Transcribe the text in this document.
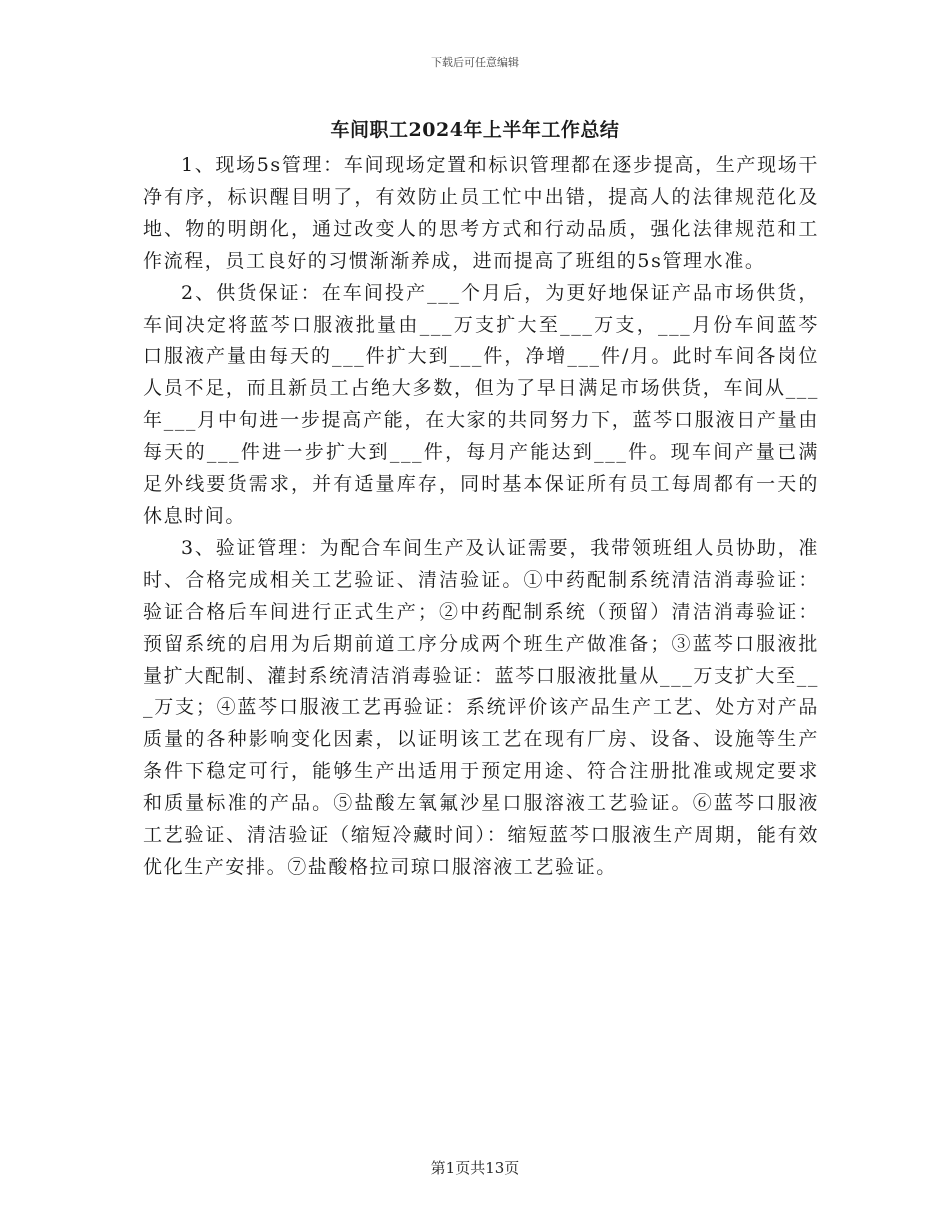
下载后可任意编辑
车间职工2024年上半年工作总结

1、现场5s管理：车间现场定置和标识管理都在逐步提高，生产现场干净有序，标识醒目明了，有效防止员工忙中出错，提高人的法律规范化及地、物的明朗化，通过改变人的思考方式和行动品质，强化法律规范和工作流程，员工良好的习惯渐渐养成，进而提高了班组的5s管理水准。

2、供货保证：在车间投产___个月后，为更好地保证产品市场供货，车间决定将蓝芩口服液批量由___万支扩大至___万支，___月份车间蓝芩口服液产量由每天的___件扩大到___件，净增___件/月。此时车间各岗位人员不足，而且新员工占绝大多数，但为了早日满足市场供货，车间从___年___月中旬进一步提高产能，在大家的共同努力下，蓝芩口服液日产量由每天的___件进一步扩大到___件，每月产能达到___件。现车间产量已满足外线要货需求，并有适量库存，同时基本保证所有员工每周都有一天的休息时间。

3、验证管理：为配合车间生产及认证需要，我带领班组人员协助，准时、合格完成相关工艺验证、清洁验证。①中药配制系统清洁消毒验证：验证合格后车间进行正式生产；②中药配制系统（预留）清洁消毒验证：预留系统的启用为后期前道工序分成两个班生产做准备；③蓝芩口服液批量扩大配制、灌封系统清洁消毒验证：蓝芩口服液批量从___万支扩大至___万支；④蓝芩口服液工艺再验证：系统评价该产品生产工艺、处方对产品质量的各种影响变化因素，以证明该工艺在现有厂房、设备、设施等生产条件下稳定可行，能够生产出适用于预定用途、符合注册批准或规定要求和质量标准的产品。⑤盐酸左氧氟沙星口服溶液工艺验证。⑥蓝芩口服液工艺验证、清洁验证（缩短冷藏时间）：缩短蓝芩口服液生产周期，能有效优化生产安排。⑦盐酸格拉司琼口服溶液工艺验证。

第1页共13页
